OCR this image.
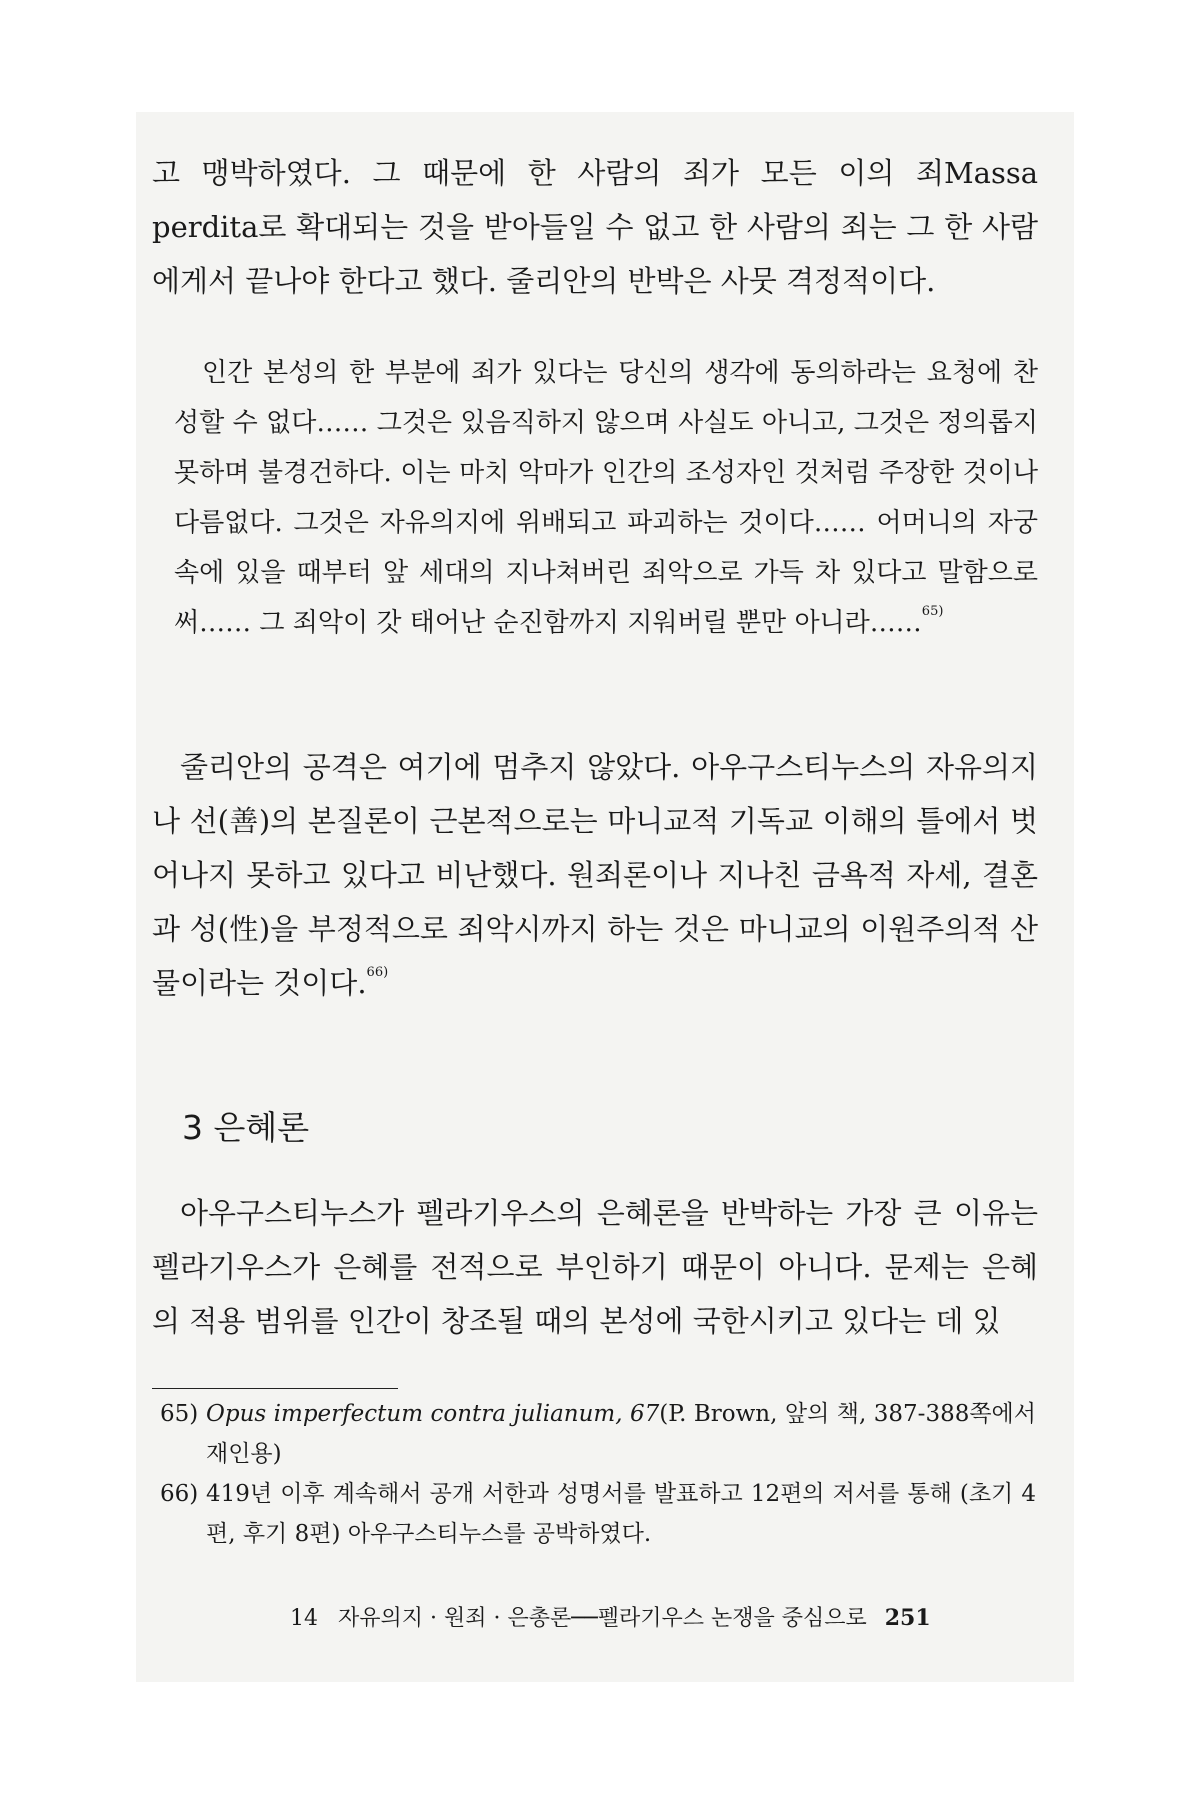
고 맹박하였다. 그 때문에 한 사람의 죄가 모든 이의 죄Massa perdita로 확대되는 것을 받아들일 수 없고 한 사람의 죄는 그 한 사람에게서 끝나야 한다고 했다. 줄리안의 반박은 사뭇 격정적이다.

인간 본성의 한 부분에 죄가 있다는 당신의 생각에 동의하라는 요청에 찬성할 수 없다…… 그것은 있음직하지 않으며 사실도 아니고, 그것은 정의롭지 못하며 불경건하다. 이는 마치 악마가 인간의 조성자인 것처럼 주장한 것이나 다름없다. 그것은 자유의지에 위배되고 파괴하는 것이다…… 어머니의 자궁 속에 있을 때부터 앞 세대의 지나쳐버린 죄악으로 가득 차 있다고 말함으로써…… 그 죄악이 갓 태어난 순진함까지 지워버릴 뿐만 아니라……$^{65)}$

줄리안의 공격은 여기에 멈추지 않았다. 아우구스티누스의 자유의지나 선(善)의 본질론이 근본적으로는 마니교적 기독교 이해의 틀에서 벗어나지 못하고 있다고 비난했다. 원죄론이나 지나친 금욕적 자세, 결혼과 성(性)을 부정적으로 죄악시까지 하는 것은 마니교의 이원주의적 산물이라는 것이다.$^{66)}$

3 은혜론

아우구스티누스가 펠라기우스의 은혜론을 반박하는 가장 큰 이유는 펠라기우스가 은혜를 전적으로 부인하기 때문이 아니다. 문제는 은혜의 적용 범위를 인간이 창조될 때의 본성에 국한시키고 있다는 데 있

65) Opus imperfectum contra julianum, 67(P. Brown, 앞의 책, 387-388쪽에서 재인용)

66) 419년 이후 계속해서 공개 서한과 성명서를 발표하고 12편의 저서를 통해 (초기 4편, 후기 8편) 아우구스티누스를 공박하였다.

14 자유의지 · 원죄 · 은총론──펠라기우스 논쟁을 중심으로 251
